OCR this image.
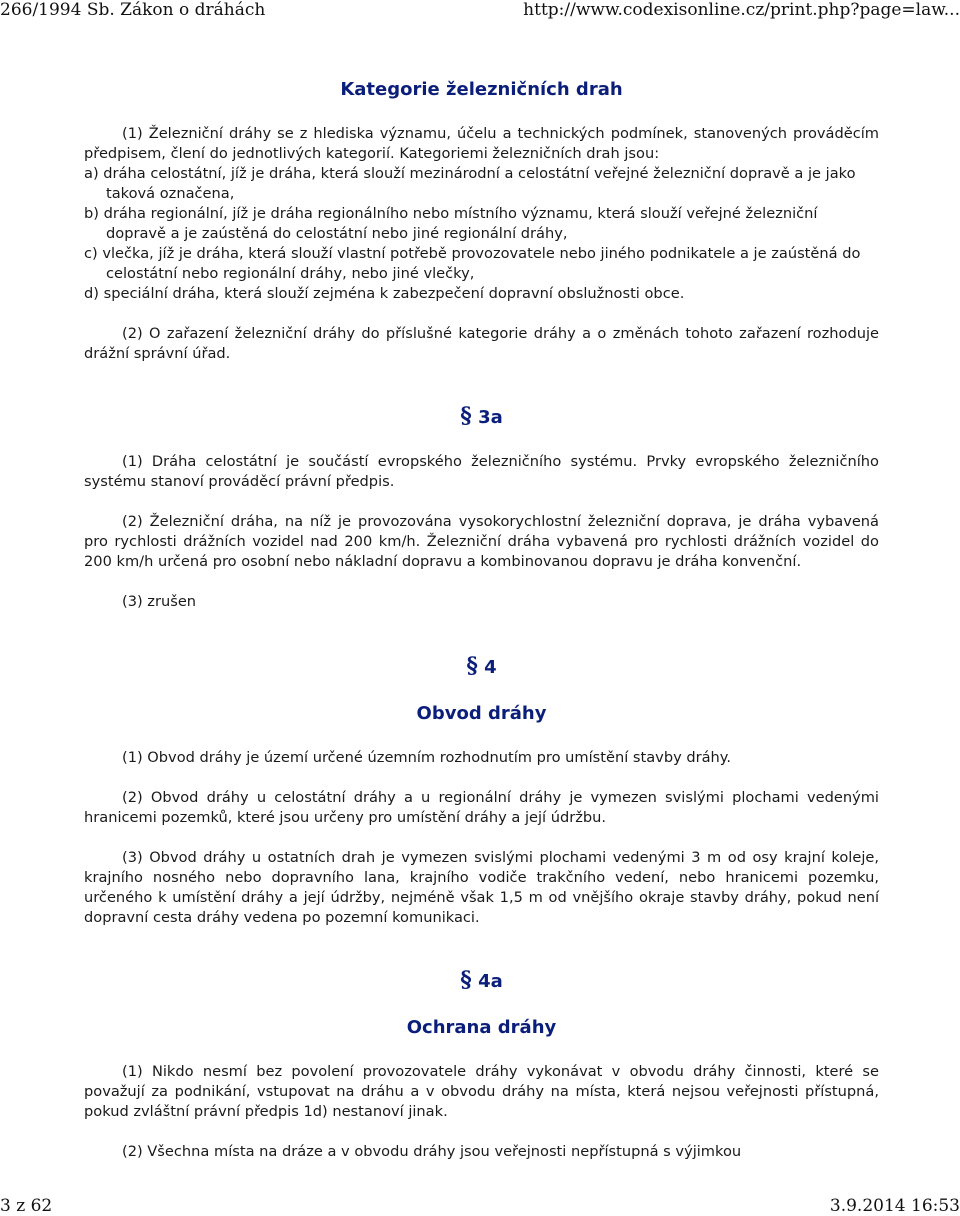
266/1994 Sb. Zákon o dráhách	http://www.codexisonline.cz/print.php?page=law...
Kategorie železničních drah

(1) Železniční dráhy se z hlediska významu, účelu a technických podmínek, stanovených prováděcím předpisem, člení do jednotlivých kategorií. Kategoriemi železničních drah jsou:

a) dráha celostátní, jíž je dráha, která slouží mezinárodní a celostátní veřejné železniční dopravě a je jako taková označena,

b) dráha regionální, jíž je dráha regionálního nebo místního významu, která slouží veřejné železniční dopravě a je zaústěná do celostátní nebo jiné regionální dráhy,

c) vlečka, jíž je dráha, která slouží vlastní potřebě provozovatele nebo jiného podnikatele a je zaústěná do celostátní nebo regionální dráhy, nebo jiné vlečky,

d) speciální dráha, která slouží zejména k zabezpečení dopravní obslužnosti obce.

(2) O zařazení železniční dráhy do příslušné kategorie dráhy a o změnách tohoto zařazení rozhoduje drážní správní úřad.

§ 3a

(1) Dráha celostátní je součástí evropského železničního systému. Prvky evropského železničního systému stanoví prováděcí právní předpis.

(2) Železniční dráha, na níž je provozována vysokorychlostní železniční doprava, je dráha vybavená pro rychlosti drážních vozidel nad 200 km/h. Železniční dráha vybavená pro rychlosti drážních vozidel do 200 km/h určená pro osobní nebo nákladní dopravu a kombinovanou dopravu je dráha konvenční.

(3) zrušen

§ 4
Obvod dráhy

(1) Obvod dráhy je území určené územním rozhodnutím pro umístění stavby dráhy.

(2) Obvod dráhy u celostátní dráhy a u regionální dráhy je vymezen svislými plochami vedenými hranicemi pozemků, které jsou určeny pro umístění dráhy a její údržbu.

(3) Obvod dráhy u ostatních drah je vymezen svislými plochami vedenými 3 m od osy krajní koleje, krajního nosného nebo dopravního lana, krajního vodiče trakčního vedení, nebo hranicemi pozemku, určeného k umístění dráhy a její údržby, nejméně však 1,5 m od vnějšího okraje stavby dráhy, pokud není dopravní cesta dráhy vedena po pozemní komunikaci.

§ 4a
Ochrana dráhy

(1) Nikdo nesmí bez povolení provozovatele dráhy vykonávat v obvodu dráhy činnosti, které se považují za podnikání, vstupovat na dráhu a v obvodu dráhy na místa, která nejsou veřejnosti přístupná, pokud zvláštní právní předpis 1d) nestanoví jinak.

(2) Všechna místa na dráze a v obvodu dráhy jsou veřejnosti nepřístupná s výjimkou

3 z 62	3.9.2014 16:53
